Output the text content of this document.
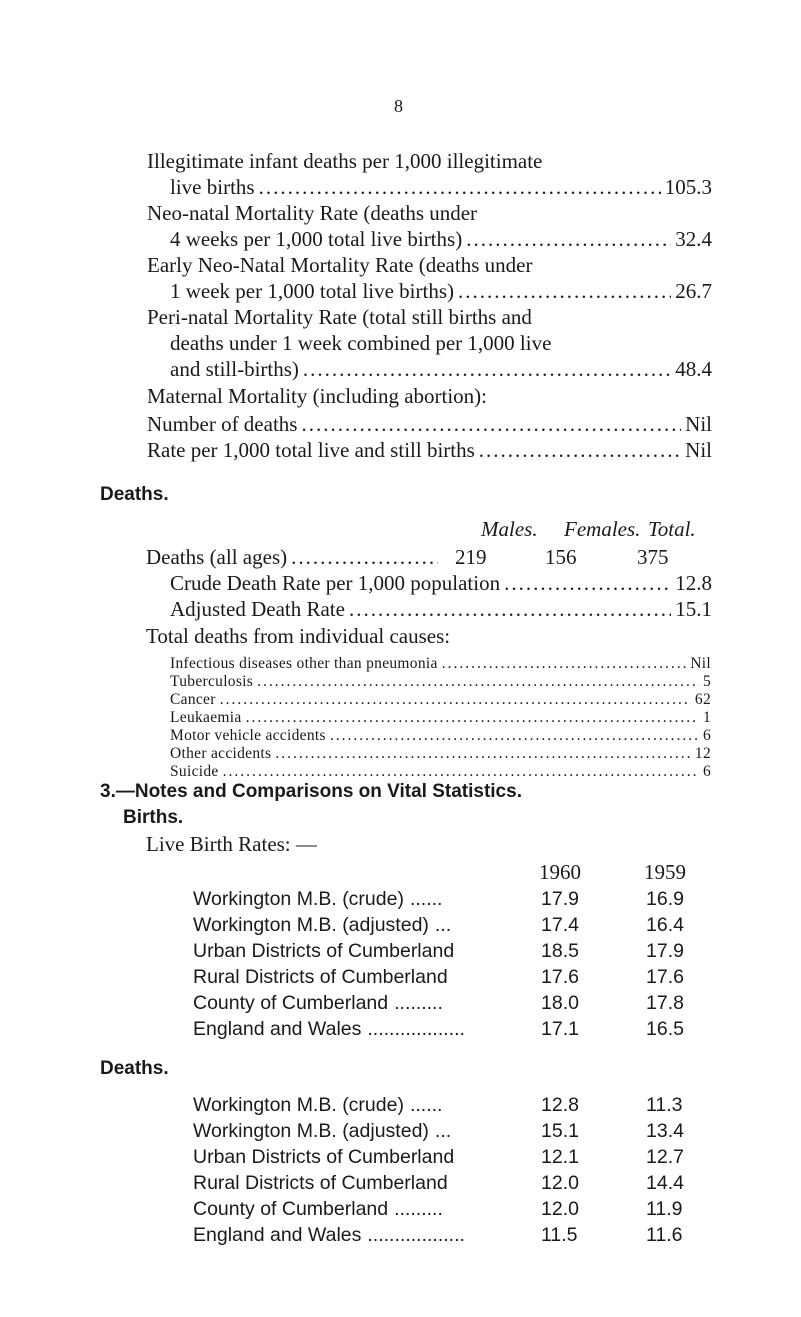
8
Illegitimate infant deaths per 1,000 illegitimate
live births .....	105.3
Neo-natal Mortality Rate (deaths under
4 weeks per 1,000 total live births) .....	32.4
Early Neo-Natal Mortality Rate (deaths under
1 week per 1,000 total live births) .....	26.7
Peri-natal Mortality Rate (total still births and
deaths under 1 week combined per 1,000 live
and still-births) .....	48.4
Maternal Mortality (including abortion):
Number of deaths .....	Nil
Rate per 1,000 total live and still births .....	Nil
Deaths.
Males. Females. Total.
Deaths (all ages) .....	219	156	375
Crude Death Rate per 1,000 population .....	12.8
Adjusted Death Rate .....	15.1
Total deaths from individual causes:
Infectious diseases other than pneumonia .....	Nil
Tuberculosis .....	5
Cancer .....	62
Leukaemia .....	1
Motor vehicle accidents .....	6
Other accidents .....	12
Suicide .....	6
3.—Notes and Comparisons on Vital Statistics.
Births.
Live Birth Rates: —
1960	1959
Workington M.B. (crude) ......	17.9	16.9
Workington M.B. (adjusted) ...	17.4	16.4
Urban Districts of Cumberland	18.5	17.9
Rural Districts of Cumberland	17.6	17.6
County of Cumberland .........	18.0	17.8
England and Wales ..................	17.1	16.5
Deaths.
Workington M.B. (crude) ......	12.8	11.3
Workington M.B. (adjusted) ...	15.1	13.4
Urban Districts of Cumberland	12.1	12.7
Rural Districts of Cumberland	12.0	14.4
County of Cumberland .........	12.0	11.9
England and Wales ..................	11.5	11.6
